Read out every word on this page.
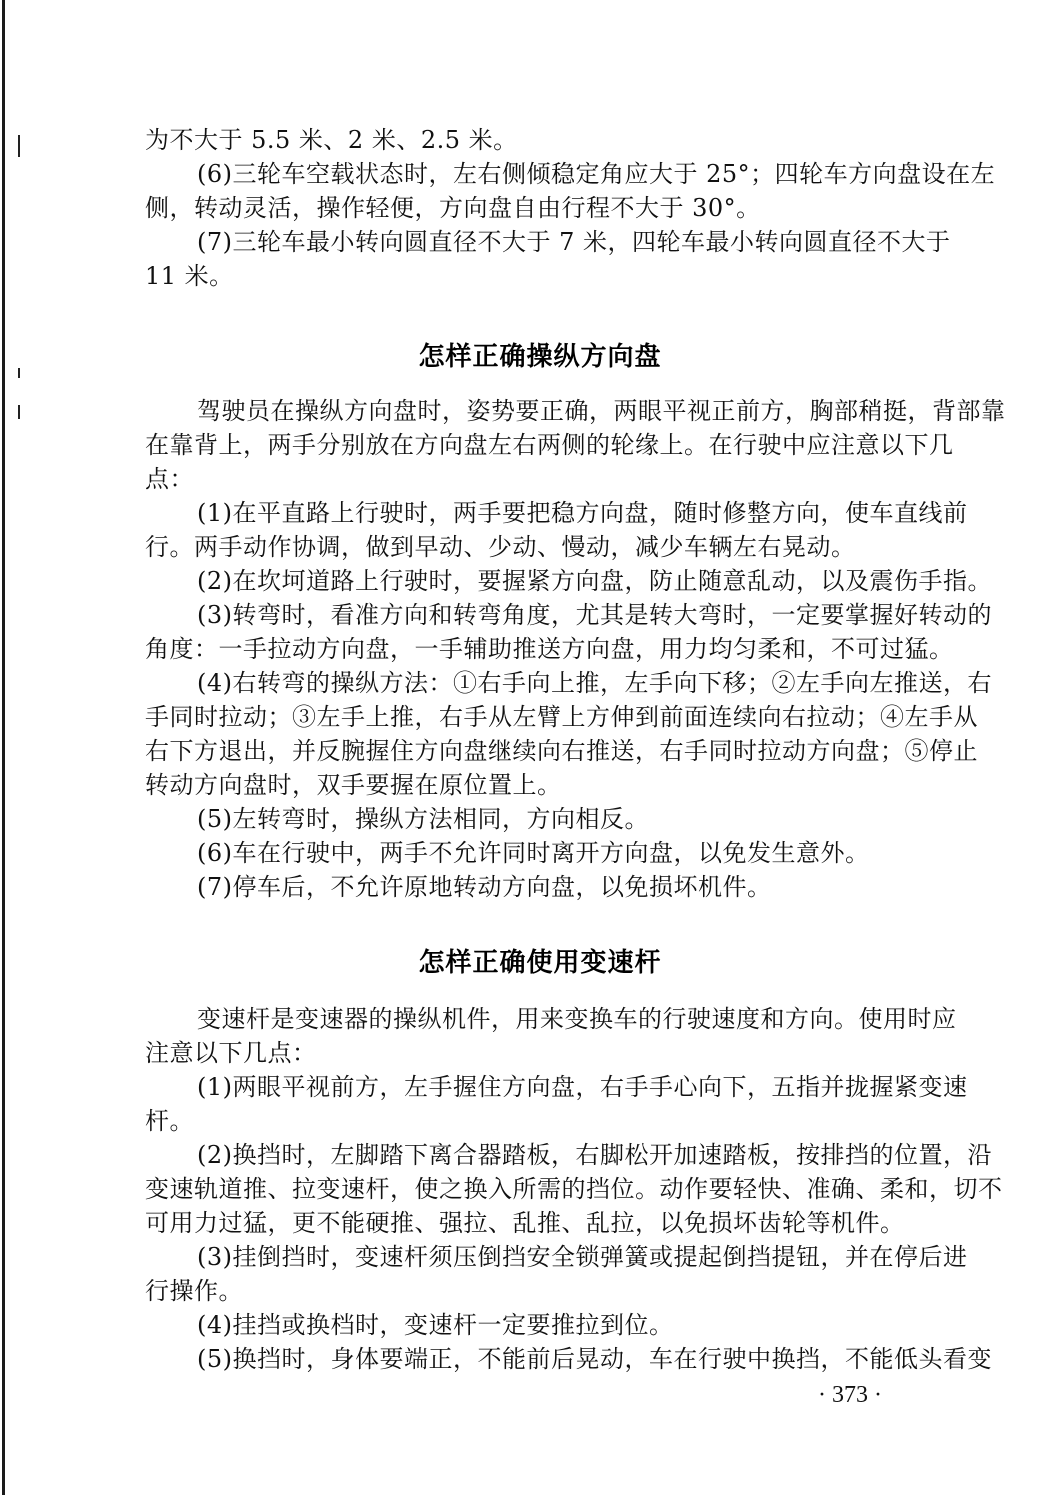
为不大于 5.5 米、2 米、2.5 米。
(6)三轮车空载状态时，左右侧倾稳定角应大于 25°；四轮车方向盘设在左
侧，转动灵活，操作轻便，方向盘自由行程不大于 30°。
(7)三轮车最小转向圆直径不大于 7 米，四轮车最小转向圆直径不大于
11 米。
怎样正确操纵方向盘
驾驶员在操纵方向盘时，姿势要正确，两眼平视正前方，胸部稍挺，背部靠
在靠背上，两手分别放在方向盘左右两侧的轮缘上。在行驶中应注意以下几
点：
(1)在平直路上行驶时，两手要把稳方向盘，随时修整方向，使车直线前
行。两手动作协调，做到早动、少动、慢动，减少车辆左右晃动。
(2)在坎坷道路上行驶时，要握紧方向盘，防止随意乱动，以及震伤手指。
(3)转弯时，看准方向和转弯角度，尤其是转大弯时，一定要掌握好转动的
角度：一手拉动方向盘，一手辅助推送方向盘，用力均匀柔和，不可过猛。
(4)右转弯的操纵方法：①右手向上推，左手向下移；②左手向左推送，右
手同时拉动；③左手上推，右手从左臂上方伸到前面连续向右拉动；④左手从
右下方退出，并反腕握住方向盘继续向右推送，右手同时拉动方向盘；⑤停止
转动方向盘时，双手要握在原位置上。
(5)左转弯时，操纵方法相同，方向相反。
(6)车在行驶中，两手不允许同时离开方向盘，以免发生意外。
(7)停车后，不允许原地转动方向盘，以免损坏机件。
怎样正确使用变速杆
变速杆是变速器的操纵机件，用来变换车的行驶速度和方向。使用时应
注意以下几点：
(1)两眼平视前方，左手握住方向盘，右手手心向下，五指并拢握紧变速
杆。
(2)换挡时，左脚踏下离合器踏板，右脚松开加速踏板，按排挡的位置，沿
变速轨道推、拉变速杆，使之换入所需的挡位。动作要轻快、准确、柔和，切不
可用力过猛，更不能硬推、强拉、乱推、乱拉，以免损坏齿轮等机件。
(3)挂倒挡时，变速杆须压倒挡安全锁弹簧或提起倒挡提钮，并在停后进
行操作。
(4)挂挡或换档时，变速杆一定要推拉到位。
(5)换挡时，身体要端正，不能前后晃动，车在行驶中换挡，不能低头看变
· 373 ·
